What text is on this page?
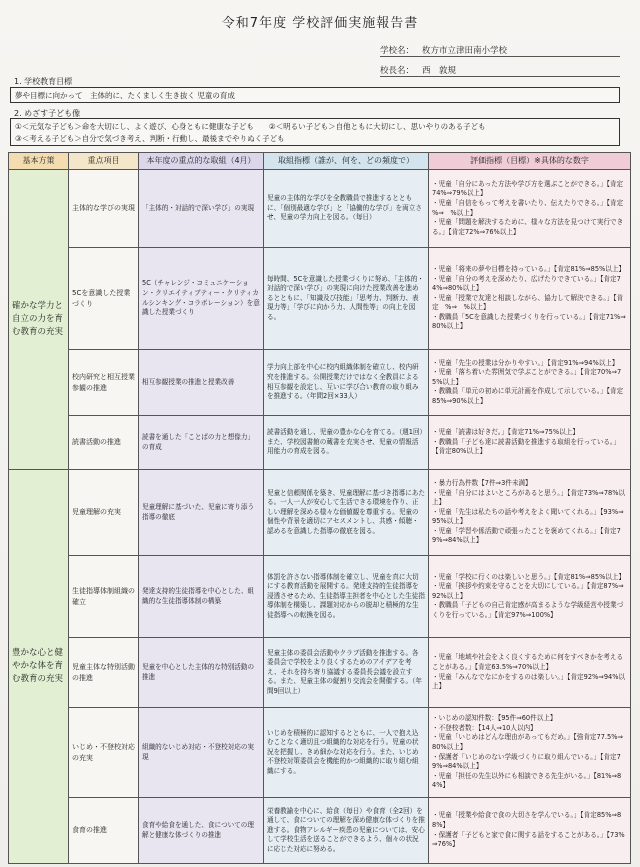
令和7年度 学校評価実施報告書
学校名： 枚方市立津田南小学校
校長名： 西　敦規
1. 学校教育目標
夢や目標に向かって　主体的に、たくましく生き抜く 児童の育成
2. めざす子ども像
①＜元気な子ども＞命を大切にし、よく遊び、心身ともに健康な子ども　　②＜明るい子ども＞自他ともに大切にし、思いやりのある子ども
③＜考える子ども＞自分で気づき考え、判断・行動し、最後までやりぬく子ども
基本方策	重点項目	本年度の重点的な取組（4月）	取組指標（誰が、何を、どの頻度で）	評価指標（目標）※具体的な数字
確かな学力と自立の力を育む教育の充実	主体的な学びの実現	「主体的・対話的で深い学び」の実現	児童の主体的な学びを全教職員で推進するとともに、「個別最適な学び」と「協働的な学び」を両立させ、児童の学力向上を図る。（毎日）	・児童「自分にあった方法や学び方を選ぶことができる。」【肯定74%⇒79%以上】
・児童「自信をもって考えを書いたり、伝えたりできる。」【肯定　%⇒　%以上】
・児童「問題を解決するために、様々な方法を見つけて実行できる。」【肯定72%⇒76%以上】

	5Cを意識した授業づくり	5C（チャレンジ・コミュニケーション・クリエイティブティー・クリティカルシンキング・コラボレーション）を意識した授業づくり	毎時間、5Cを意識した授業づくりに努め、「主体的・対話的で深い学び」の実現に向けた授業改善を進めるとともに、「知識及び技能」「思考力、判断力、表現力等」「学びに向かう力、人間性等」の向上を図る。	・児童「将来の夢や目標を持っている。」【肯定81%⇒85%以上】
・児童「自分の考えを深めたり、広げたりできている。」【肯定74%⇒80%以上】
・児童「授業で友達と相談しながら、協力して解決できる。」【肯定　%⇒　%以上】
・教職員「5Cを意識した授業づくりを行っている。」【肯定71%⇒80%以上】

	校内研究と相互授業参観の推進	相互参観授業の推進と授業改善	学力向上部を中心に校内組織体制を確立し、校内研究を推進する。公開授業だけではなく全教員による相互参観を設定し、互いに学び合い教育の取り組みを推進する。（年間2回×33人）	・児童「先生の授業は分かりやすい。」【肯定91%⇒94%以上】
・児童「落ち着いた雰囲気で学ぶことができる。」【肯定70%⇒75%以上】
・教職員「単元の初めに単元計画を作成して示している。」【肯定85%⇒90%以上】

	読書活動の推進	読書を通した「ことばの力と想像力」の育成	読書活動を通し、児童の豊かな心を育てる。（週1回）また、学校図書館の蔵書を充実させ、児童の情報活用能力の育成を図る。	・児童「読書は好きだ。」【肯定71%⇒75%以上】
・教職員「子ども達に読書活動を推進する取組を行っている。」【肯定80%以上】

豊かな心と健やかな体を育む教育の充実	児童理解の充実	児童理解に基づいた、児童に寄り添う指導の徹底	児童と信頼関係を築き、児童理解に基づき指導にあたる。一人一人が安心して生活できる環境を作り、正しい理解を深める様々な価値観を尊重する。児童の個性や背景を適切にアセスメントし、共感・傾聴・認めるを意識した指導の徹底を図る。	・暴力行為件数【7件⇒3件未満】
・児童「自分にはよいところがあると思う。」【肯定73%⇒78%以上】
・児童「先生は私たちの話や考えをよく聞いてくれる。」【93%⇒95%以上】
・児童「学習や係活動で頑張ったことを褒めてくれる。」【肯定79%⇒84%以上】

	生徒指導体制組織の確立	発達支持的生徒指導を中心とした、組織的な生徒指導体制の構築	体罰を許さない指導体制を確立し、児童を真に大切にする教育活動を展開する。発達支持的生徒指導を浸透させるため、生徒指導主担者を中心とした生徒指導体制を構築し、課題対応からの脱却と積極的な生徒指導への転換を図る。	・児童「学校に行くのは楽しいと思う。」【肯定81%⇒85%以上】
・児童「挨拶や約束を守ることを大切にしている。」【肯定87%⇒92%以上】
・教職員「子どもの自己肯定感が高まるような学級経営や授業づくりを行っている。」【肯定97%⇒100%】

	児童主体な特別活動の推進	児童を中心とした主体的な特別活動の推進	児童主体の委員会活動やクラブ活動を推進する。各委員会で学校をより良くするためのアイデアを考え、それを持ち寄り協議する委員長会議を設立する。また、児童主体の縦割り交流会を開催する。（年間9回以上）	・児童「地域や社会をよく良くするために何をすべきかを考えることがある。」【肯定63.5%⇒70%以上】
・児童「みんなでなにかをするのは楽しい。」【肯定92%⇒94%以上】

	いじめ・不登校対応の充実	組織的ないじめ対応・不登校対応の実現	いじめを積極的に認知するとともに、一人で抱え込むことなく適切且つ組織的な対応を行う。児童の状況を把握し、きめ細かな対応を行う。また、いじめ不登校対策委員会を機能的かつ組織的に取り組む組織にする。	・いじめの認知件数：【95件⇒60件以上】
・不登校者数：【14人⇒10人以内】
・児童「いじめはどんな理由があってもだめ。」【強肯定77.5%⇒80%以上】
・保護者「いじめのない学級づくりに取り組んでいる。」【肯定79%⇒84%以上】
・児童「担任の先生以外にも相談できる先生がいる。」【81%⇒84%】

	食育の推進	食育や給食を通した、食についての理解と健康な体づくりの推進	栄養教諭を中心に、給食（毎日）や食育（全2回）を通して、食についての理解を深め健康な体づくりを推進する。食物アレルギー疾患の児童については、安心して学校生活を送ることができるよう、個々の状況に応じた対応に努める。	・児童「授業や給食で食の大切さを学んでいる。」【肯定85%⇒88%】
・保護者「子どもと家で食に関する話をすることがある。」【73%⇒76%】
